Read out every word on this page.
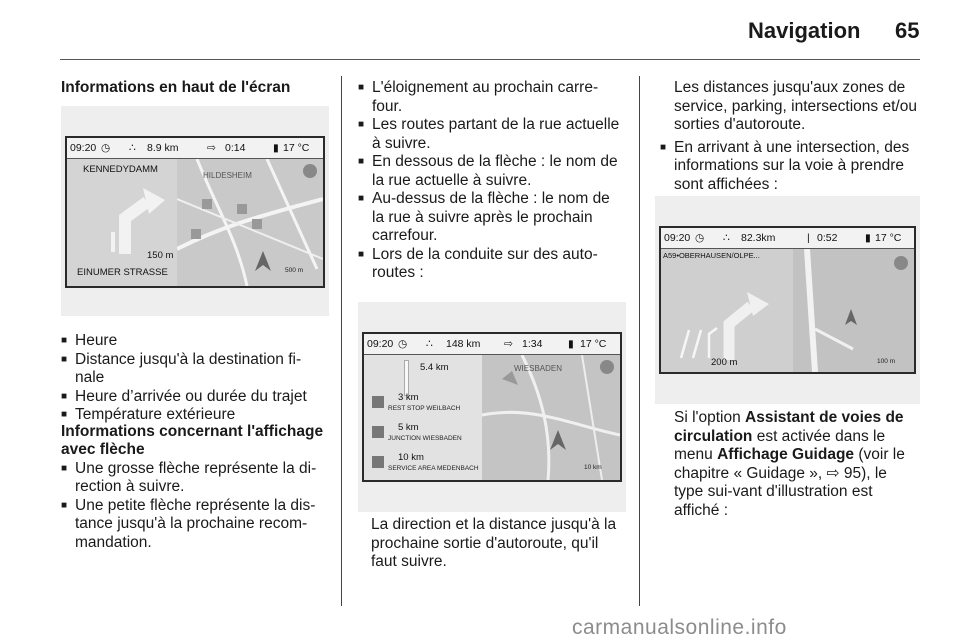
Navigation 65

Informations en haut de l'écran

09:20 ◷ ∴ 8.9 km	⇨ 0:14	▮ 17 °C
HILDESHEIM
KENNEDYDAMM
150 m
EINUMER STRASSE	500 m

■ Heure

■ Distance jusqu'à la destination fi-nale

■ Heure d’arrivée ou durée du trajet

■ Température extérieure

Informations concernant l'affichage avec flèche

■ Une grosse flèche représente la di-rection à suivre.

■ Une petite flèche représente la dis-tance jusqu'à la prochaine recom-mandation.

■ L'éloignement au prochain carre-four.

■ Les routes partant de la rue actuelle à suivre.

■ En dessous de la flèche : le nom de la rue actuelle à suivre.

■ Au-dessus de la flèche : le nom de la rue à suivre après le prochain carrefour.

■ Lors de la conduite sur des auto-routes :

09:20 ◷ ∴ 148 km ⇨ 1:34 ▮ 17 °C
WIESBADEN
5.4 km
3 km
REST STOP WEILBACH
5 km
JUNCTION WIESBADEN
10 km
SERVICE AREA MEDENBACH	10 km

La direction et la distance jusqu'à la prochaine sortie d'autoroute, qu'il faut suivre.

Les distances jusqu'aux zones de service, parking, intersections et/ou sorties d'autoroute.

■ En arrivant à une intersection, des informations sur la voie à prendre sont affichées :

09:20 ◷ ∴ 82.3km	| 0:52	▮ 17 °C
A59•OBERHAUSEN/OLPE...
200 m	100 m

Si l'option Assistant de voies de circulation est activée dans le menu Affichage Guidage (voir le chapitre « Guidage », ⇨ 95), le type sui-vant d'illustration est affiché :

carmanualsonline.info
